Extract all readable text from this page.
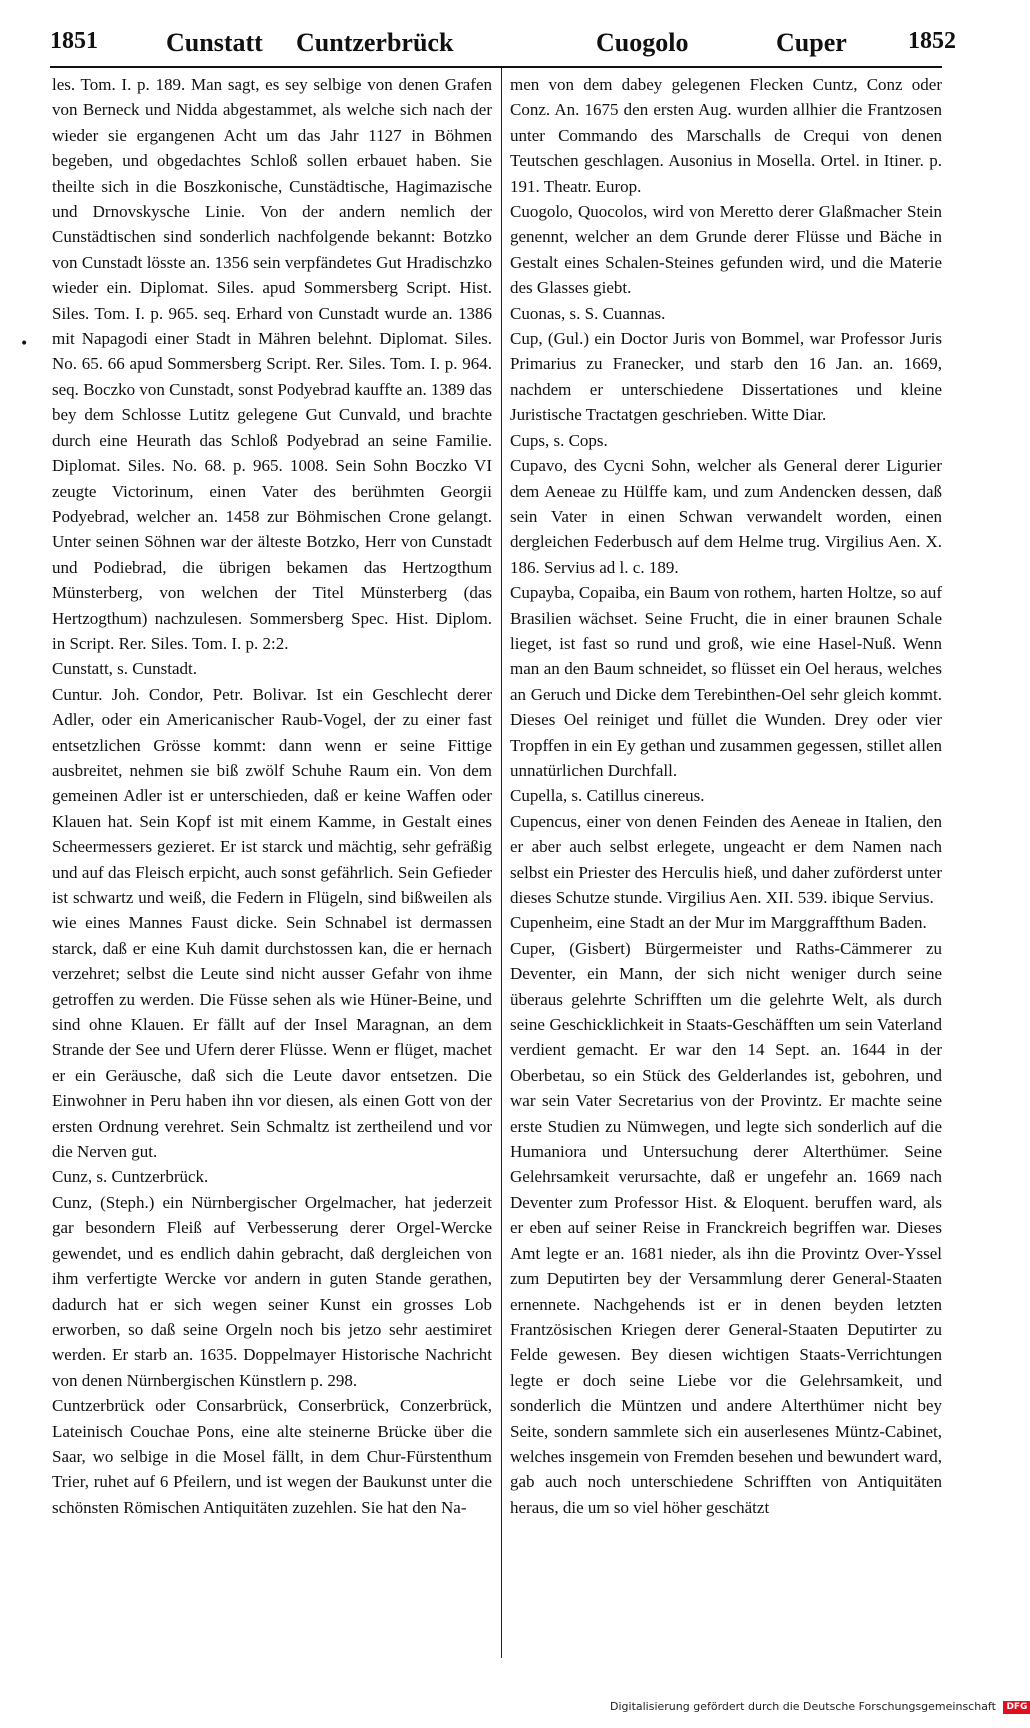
1851	Cunstatt Cuntzerbrück	Cuogolo	Cuper	1852
•

les. Tom. I. p. 189. Man sagt, es sey selbige von denen Grafen von Berneck und Nidda abgestammet, als welche sich nach der wieder sie ergangenen Acht um das Jahr 1127 in Böhmen begeben, und obgedachtes Schloß sollen erbauet haben. Sie theilte sich in die Boszkonische, Cunstädtische, Hagimazische und Drnovskysche Linie. Von der andern nemlich der Cunstädtischen sind sonderlich nachfolgende bekannt: Botzko von Cunstadt lösste an. 1356 sein verpfändetes Gut Hradischzko wieder ein. Diplomat. Siles. apud Sommersberg Script. Hist. Siles. Tom. I. p. 965. seq. Erhard von Cunstadt wurde an. 1386 mit Napagodi einer Stadt in Mähren belehnt. Diplomat. Siles. No. 65. 66 apud Sommersberg Script. Rer. Siles. Tom. I. p. 964. seq. Boczko von Cunstadt, sonst Podyebrad kauffte an. 1389 das bey dem Schlosse Lutitz gelegene Gut Cunvald, und brachte durch eine Heurath das Schloß Podyebrad an seine Familie. Diplomat. Siles. No. 68. p. 965. 1008. Sein Sohn Boczko VI zeugte Victorinum, einen Vater des berühmten Georgii Podyebrad, welcher an. 1458 zur Böhmischen Crone gelangt. Unter seinen Söhnen war der älteste Botzko, Herr von Cunstadt und Podiebrad, die übrigen bekamen das Hertzogthum Münsterberg, von welchen der Titel Münsterberg (das Hertzogthum) nachzulesen. Sommersberg Spec. Hist. Diplom. in Script. Rer. Siles. Tom. I. p. 2:2.

Cunstatt, s. Cunstadt.

Cuntur. Joh. Condor, Petr. Bolivar. Ist ein Geschlecht derer Adler, oder ein Americanischer Raub-Vogel, der zu einer fast entsetzlichen Grösse kommt: dann wenn er seine Fittige ausbreitet, nehmen sie biß zwölf Schuhe Raum ein. Von dem gemeinen Adler ist er unterschieden, daß er keine Waffen oder Klauen hat. Sein Kopf ist mit einem Kamme, in Gestalt eines Scheermessers gezieret. Er ist starck und mächtig, sehr gefräßig und auf das Fleisch erpicht, auch sonst gefährlich. Sein Gefieder ist schwartz und weiß, die Federn in Flügeln, sind bißweilen als wie eines Mannes Faust dicke. Sein Schnabel ist dermassen starck, daß er eine Kuh damit durchstossen kan, die er hernach verzehret; selbst die Leute sind nicht ausser Gefahr von ihme getroffen zu werden. Die Füsse sehen als wie Hüner-Beine, und sind ohne Klauen. Er fällt auf der Insel Maragnan, an dem Strande der See und Ufern derer Flüsse. Wenn er flüget, machet er ein Geräusche, daß sich die Leute davor entsetzen. Die Einwohner in Peru haben ihn vor diesen, als einen Gott von der ersten Ordnung verehret. Sein Schmaltz ist zertheilend und vor die Nerven gut.

Cunz, s. Cuntzerbrück.

Cunz, (Steph.) ein Nürnbergischer Orgelmacher, hat jederzeit gar besondern Fleiß auf Verbesserung derer Orgel-Wercke gewendet, und es endlich dahin gebracht, daß dergleichen von ihm verfertigte Wercke vor andern in guten Stande gerathen, dadurch hat er sich wegen seiner Kunst ein grosses Lob erworben, so daß seine Orgeln noch bis jetzo sehr aestimiret werden. Er starb an. 1635. Doppelmayer Historische Nachricht von denen Nürnbergischen Künstlern p. 298.

Cuntzerbrück oder Consarbrück, Conserbrück, Conzerbrück, Lateinisch Couchae Pons, eine alte steinerne Brücke über die Saar, wo selbige in die Mosel fällt, in dem Chur-Fürstenthum Trier, ruhet auf 6 Pfeilern, und ist wegen der Baukunst unter die schönsten Römischen Antiquitäten zuzehlen. Sie hat den Na-

men von dem dabey gelegenen Flecken Cuntz, Conz oder Conz. An. 1675 den ersten Aug. wurden allhier die Frantzosen unter Commando des Marschalls de Crequi von denen Teutschen geschlagen. Ausonius in Mosella. Ortel. in Itiner. p. 191. Theatr. Europ.

Cuogolo, Quocolos, wird von Meretto derer Glaßmacher Stein genennt, welcher an dem Grunde derer Flüsse und Bäche in Gestalt eines Schalen-Steines gefunden wird, und die Materie des Glasses giebt.

Cuonas, s. S. Cuannas.

Cup, (Gul.) ein Doctor Juris von Bommel, war Professor Juris Primarius zu Franecker, und starb den 16 Jan. an. 1669, nachdem er unterschiedene Dissertationes und kleine Juristische Tractatgen geschrieben. Witte Diar.

Cups, s. Cops.

Cupavo, des Cycni Sohn, welcher als General derer Ligurier dem Aeneae zu Hülffe kam, und zum Andencken dessen, daß sein Vater in einen Schwan verwandelt worden, einen dergleichen Federbusch auf dem Helme trug. Virgilius Aen. X. 186. Servius ad l. c. 189.

Cupayba, Copaiba, ein Baum von rothem, harten Holtze, so auf Brasilien wächset. Seine Frucht, die in einer braunen Schale lieget, ist fast so rund und groß, wie eine Hasel-Nuß. Wenn man an den Baum schneidet, so flüsset ein Oel heraus, welches an Geruch und Dicke dem Terebinthen-Oel sehr gleich kommt. Dieses Oel reiniget und füllet die Wunden. Drey oder vier Tropffen in ein Ey gethan und zusammen gegessen, stillet allen unnatürlichen Durchfall.

Cupella, s. Catillus cinereus.

Cupencus, einer von denen Feinden des Aeneae in Italien, den er aber auch selbst erlegete, ungeacht er dem Namen nach selbst ein Priester des Herculis hieß, und daher zuförderst unter dieses Schutze stunde. Virgilius Aen. XII. 539. ibique Servius.

Cupenheim, eine Stadt an der Mur im Marggraffthum Baden.

Cuper, (Gisbert) Bürgermeister und Raths-Cämmerer zu Deventer, ein Mann, der sich nicht weniger durch seine überaus gelehrte Schrifften um die gelehrte Welt, als durch seine Geschicklichkeit in Staats-Geschäfften um sein Vaterland verdient gemacht. Er war den 14 Sept. an. 1644 in der Oberbetau, so ein Stück des Gelderlandes ist, gebohren, und war sein Vater Secretarius von der Provintz. Er machte seine erste Studien zu Nümwegen, und legte sich sonderlich auf die Humaniora und Untersuchung derer Alterthümer. Seine Gelehrsamkeit verursachte, daß er ungefehr an. 1669 nach Deventer zum Professor Hist. & Eloquent. beruffen ward, als er eben auf seiner Reise in Franckreich begriffen war. Dieses Amt legte er an. 1681 nieder, als ihn die Provintz Over-Yssel zum Deputirten bey der Versammlung derer General-Staaten ernennete. Nachgehends ist er in denen beyden letzten Frantzösischen Kriegen derer General-Staaten Deputirter zu Felde gewesen. Bey diesen wichtigen Staats-Verrichtungen legte er doch seine Liebe vor die Gelehrsamkeit, und sonderlich die Müntzen und andere Alterthümer nicht bey Seite, sondern sammlete sich ein auserlesenes Müntz-Cabinet, welches insgemein von Fremden besehen und bewundert ward, gab auch noch unterschiedene Schrifften von Antiquitäten heraus, die um so viel höher geschätzt

Digitalisierung gefördert durch die Deutsche Forschungsgemeinschaft DFG
